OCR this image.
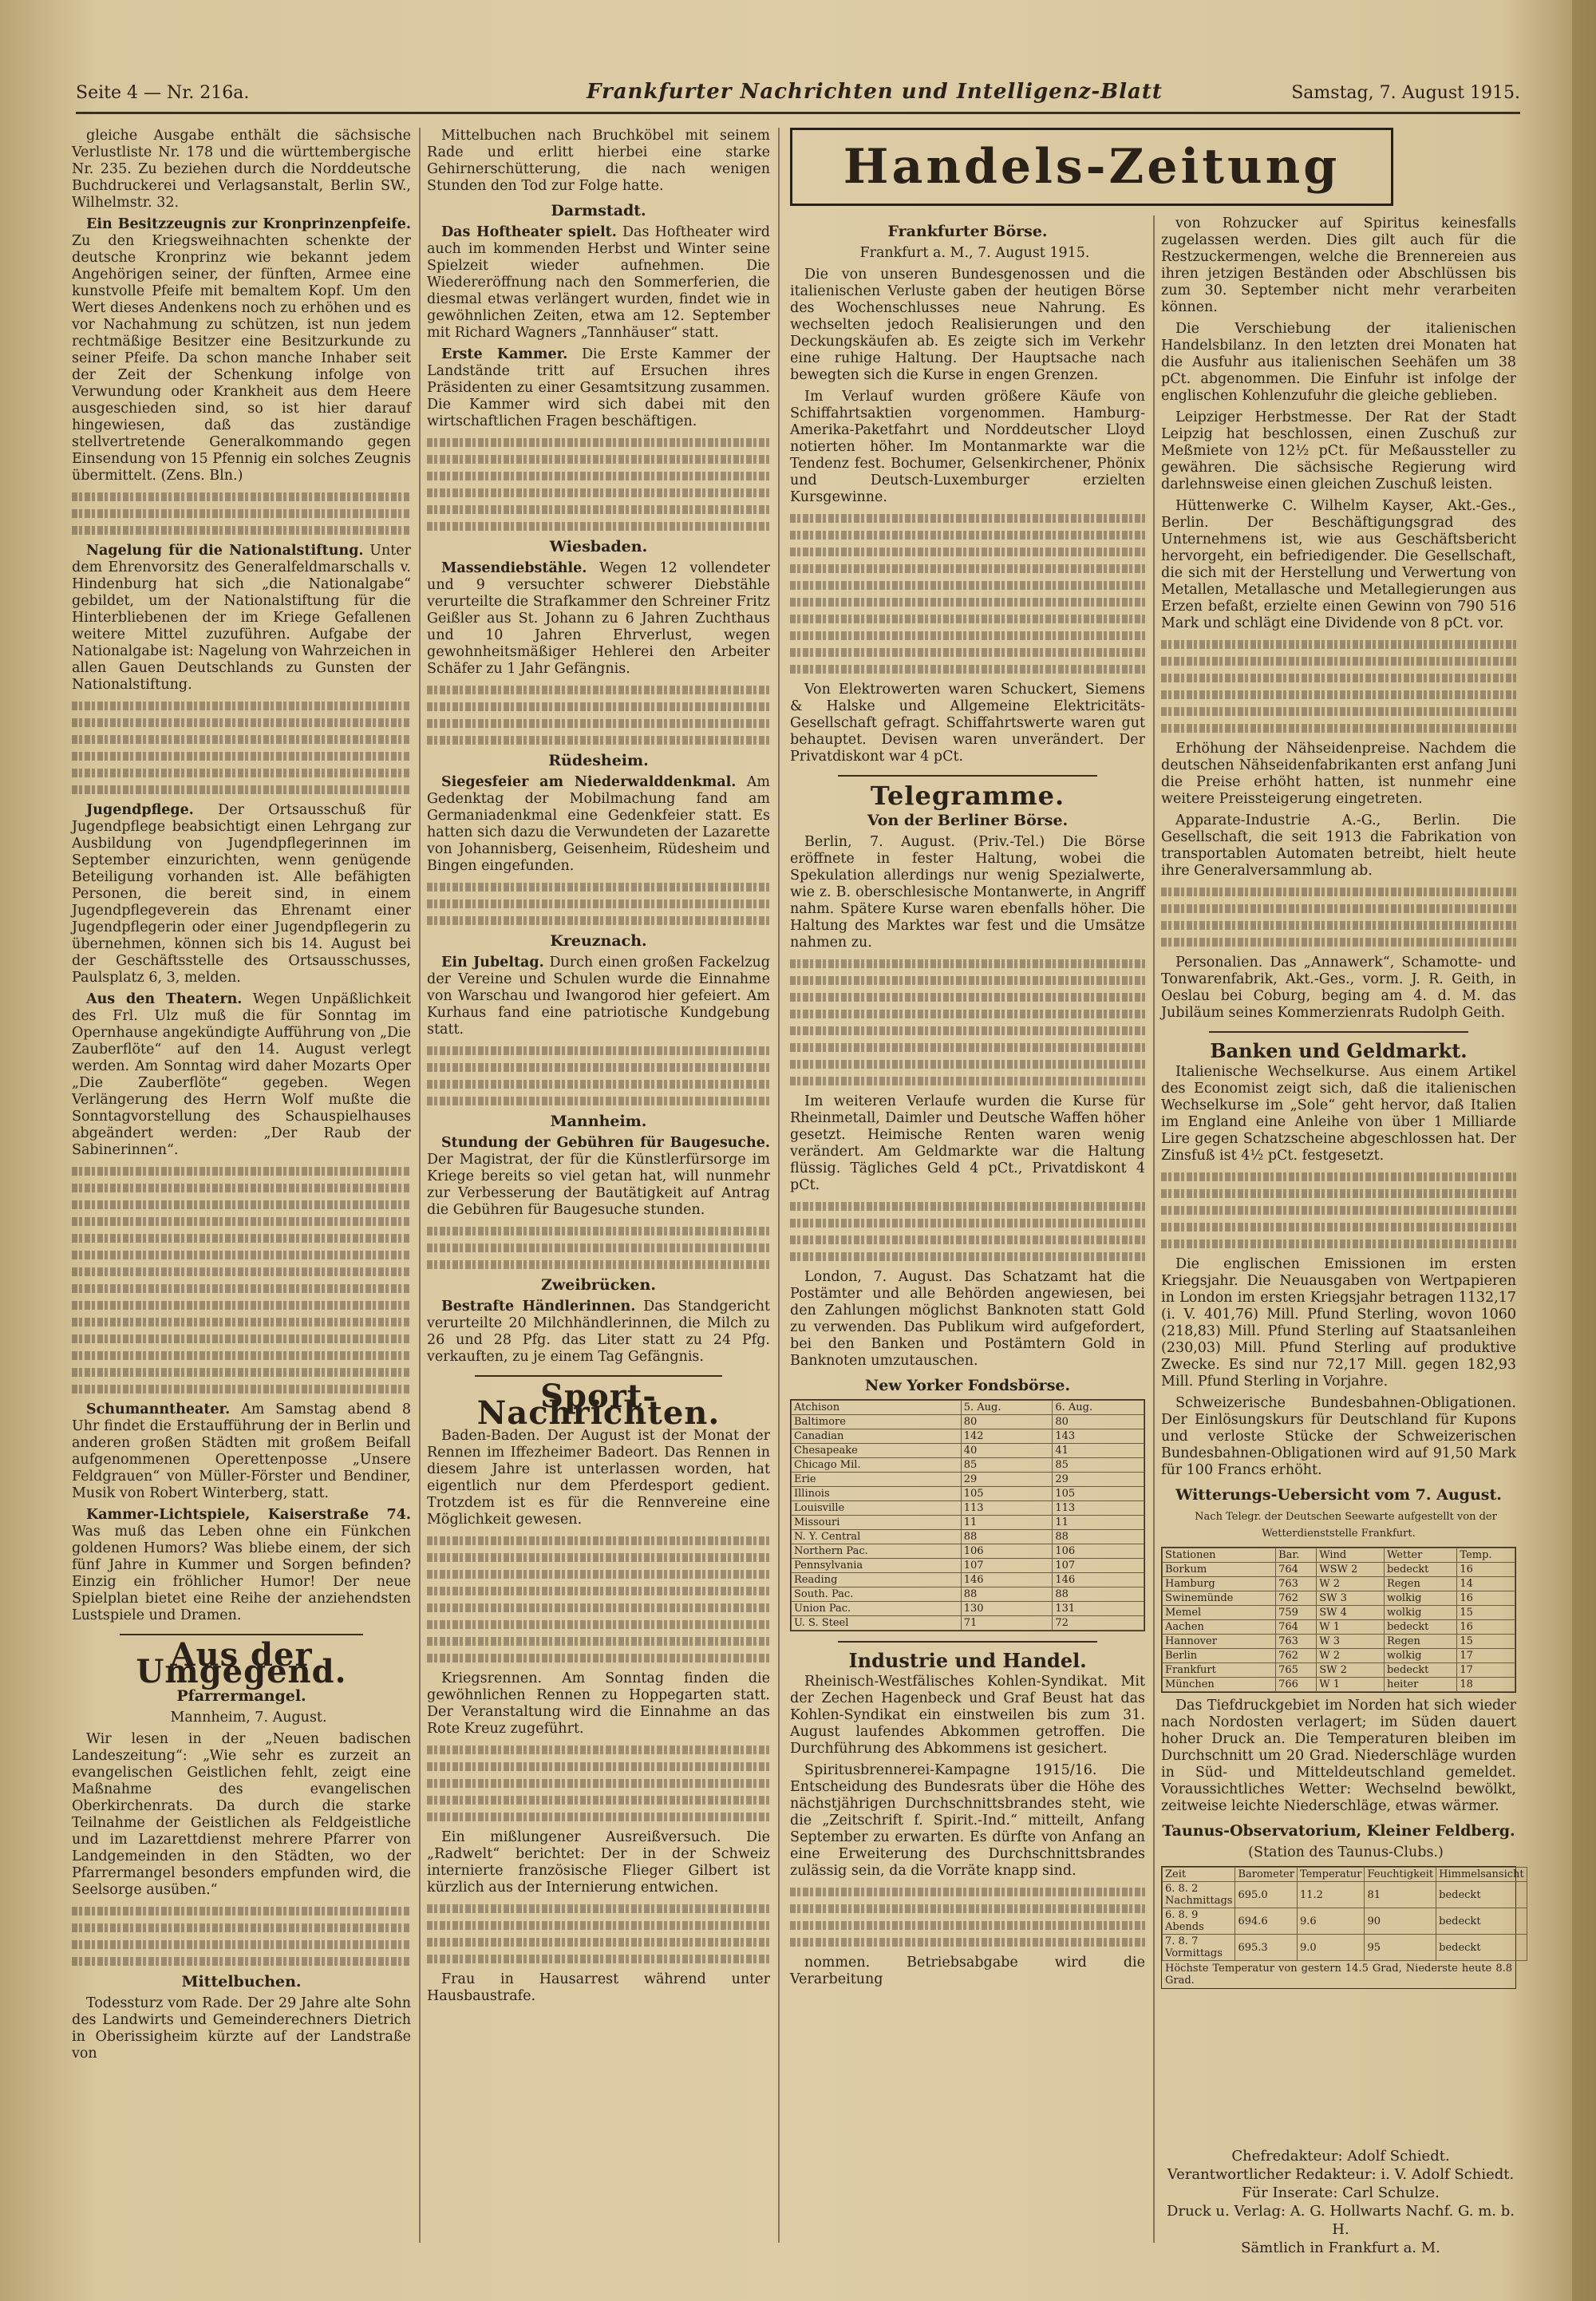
Seite 4 — Nr. 216a.	Frankfurter Nachrichten und Intelligenz-Blatt	Samstag, 7. August 1915.

gleiche Ausgabe enthält die sächsische Verlustliste Nr. 178 und die württembergische Nr. 235. Zu beziehen durch die Norddeutsche Buchdruckerei und Verlagsanstalt, Berlin SW., Wilhelmstr. 32.

Ein Besitzzeugnis zur Kronprinzenpfeife. Zu den Kriegsweihnachten schenkte der deutsche Kronprinz wie bekannt jedem Angehörigen seiner, der fünften, Armee eine kunstvolle Pfeife mit bemaltem Kopf. Um den Wert dieses Andenkens noch zu erhöhen und es vor Nachahmung zu schützen, ist nun jedem rechtmäßige Besitzer eine Besitzurkunde zu seiner Pfeife. Da schon manche Inhaber seit der Zeit der Schenkung infolge von Verwundung oder Krankheit aus dem Heere ausgeschieden sind, so ist hier darauf hingewiesen, daß das zuständige stellvertretende Generalkommando gegen Einsendung von 15 Pfennig ein solches Zeugnis übermittelt. (Zens. Bln.)

Nagelung für die Nationalstiftung. Unter dem Ehrenvorsitz des Generalfeldmarschalls v. Hindenburg hat sich „die Nationalgabe“ gebildet, um der Nationalstiftung für die Hinterbliebenen der im Kriege Gefallenen weitere Mittel zuzuführen. Aufgabe der Nationalgabe ist: Nagelung von Wahrzeichen in allen Gauen Deutschlands zu Gunsten der Nationalstiftung.

Jugendpflege. Der Ortsausschuß für Jugendpflege beabsichtigt einen Lehrgang zur Ausbildung von Jugendpflegerinnen im September einzurichten, wenn genügende Beteiligung vorhanden ist. Alle befähigten Personen, die bereit sind, in einem Jugendpflegeverein das Ehrenamt einer Jugendpflegerin oder einer Jugendpflegerin zu übernehmen, können sich bis 14. August bei der Geschäftsstelle des Ortsausschusses, Paulsplatz 6, 3, melden.

Aus den Theatern. Wegen Unpäßlichkeit des Frl. Ulz muß die für Sonntag im Opernhause angekündigte Aufführung von „Die Zauberflöte“ auf den 14. August verlegt werden. Am Sonntag wird daher Mozarts Oper „Die Zauberflöte“ gegeben. Wegen Verlängerung des Herrn Wolf mußte die Sonntagvorstellung des Schauspielhauses abgeändert werden: „Der Raub der Sabinerinnen“.

Schumanntheater. Am Samstag abend 8 Uhr findet die Erstaufführung der in Berlin und anderen großen Städten mit großem Beifall aufgenommenen Operettenposse „Unsere Feldgrauen“ von Müller-Förster und Bendiner, Musik von Robert Winterberg, statt.

Kammer-Lichtspiele, Kaiserstraße 74. Was muß das Leben ohne ein Fünkchen goldenen Humors? Was bliebe einem, der sich fünf Jahre in Kummer und Sorgen befinden? Einzig ein fröhlicher Humor! Der neue Spielplan bietet eine Reihe der anziehendsten Lustspiele und Dramen.

Aus der Umgegend.
Pfarrermangel.

Mannheim, 7. August.

Wir lesen in der „Neuen badischen Landeszeitung“: „Wie sehr es zurzeit an evangelischen Geistlichen fehlt, zeigt eine Maßnahme des evangelischen Oberkirchenrats. Da durch die starke Teilnahme der Geistlichen als Feldgeistliche und im Lazarettdienst mehrere Pfarrer von Landgemeinden in den Städten, wo der Pfarrermangel besonders empfunden wird, die Seelsorge ausüben.“

Mittelbuchen.

Todessturz vom Rade. Der 29 Jahre alte Sohn des Landwirts und Gemeinderechners Dietrich in Oberissigheim kürzte auf der Landstraße von

Mittelbuchen nach Bruchköbel mit seinem Rade und erlitt hierbei eine starke Gehirnerschütterung, die nach wenigen Stunden den Tod zur Folge hatte.

Darmstadt.

Das Hoftheater spielt. Das Hoftheater wird auch im kommenden Herbst und Winter seine Spielzeit wieder aufnehmen. Die Wiedereröffnung nach den Sommerferien, die diesmal etwas verlängert wurden, findet wie in gewöhnlichen Zeiten, etwa am 12. September mit Richard Wagners „Tannhäuser“ statt.

Erste Kammer. Die Erste Kammer der Landstände tritt auf Ersuchen ihres Präsidenten zu einer Gesamtsitzung zusammen. Die Kammer wird sich dabei mit den wirtschaftlichen Fragen beschäftigen.

Wiesbaden.

Massendiebstähle. Wegen 12 vollendeter und 9 versuchter schwerer Diebstähle verurteilte die Strafkammer den Schreiner Fritz Geißler aus St. Johann zu 6 Jahren Zuchthaus und 10 Jahren Ehrverlust, wegen gewohnheitsmäßiger Hehlerei den Arbeiter Schäfer zu 1 Jahr Gefängnis.

Rüdesheim.

Siegesfeier am Niederwalddenkmal. Am Gedenktag der Mobilmachung fand am Germaniadenkmal eine Gedenkfeier statt. Es hatten sich dazu die Verwundeten der Lazarette von Johannisberg, Geisenheim, Rüdesheim und Bingen eingefunden.

Kreuznach.

Ein Jubeltag. Durch einen großen Fackelzug der Vereine und Schulen wurde die Einnahme von Warschau und Iwangorod hier gefeiert. Am Kurhaus fand eine patriotische Kundgebung statt.

Mannheim.

Stundung der Gebühren für Baugesuche. Der Magistrat, der für die Künstlerfürsorge im Kriege bereits so viel getan hat, will nunmehr zur Verbesserung der Bautätigkeit auf Antrag die Gebühren für Baugesuche stunden.

Zweibrücken.

Bestrafte Händlerinnen. Das Standgericht verurteilte 20 Milchhändlerinnen, die Milch zu 26 und 28 Pfg. das Liter statt zu 24 Pfg. verkauften, zu je einem Tag Gefängnis.

Sport-Nachrichten.

Baden-Baden. Der August ist der Monat der Rennen im Iffezheimer Badeort. Das Rennen in diesem Jahre ist unterlassen worden, hat eigentlich nur dem Pferdesport gedient. Trotzdem ist es für die Rennvereine eine Möglichkeit gewesen.

Kriegsrennen. Am Sonntag finden die gewöhnlichen Rennen zu Hoppegarten statt. Der Veranstaltung wird die Einnahme an das Rote Kreuz zugeführt.

Ein mißlungener Ausreißversuch. Die „Radwelt“ berichtet: Der in der Schweiz internierte französische Flieger Gilbert ist kürzlich aus der Internierung entwichen.

Frau in Hausarrest während unter Hausbaustrafe.

Handels-Zeitung
Frankfurter Börse.

Frankfurt a. M., 7. August 1915.

Die von unseren Bundesgenossen und die italienischen Verluste gaben der heutigen Börse des Wochenschlusses neue Nahrung. Es wechselten jedoch Realisierungen und den Deckungskäufen ab. Es zeigte sich im Verkehr eine ruhige Haltung. Der Hauptsache nach bewegten sich die Kurse in engen Grenzen.

Im Verlauf wurden größere Käufe von Schiffahrtsaktien vorgenommen. Hamburg-Amerika-Paketfahrt und Norddeutscher Lloyd notierten höher. Im Montanmarkte war die Tendenz fest. Bochumer, Gelsenkirchener, Phönix und Deutsch-Luxemburger erzielten Kursgewinne.

Von Elektrowerten waren Schuckert, Siemens & Halske und Allgemeine Elektricitäts-Gesellschaft gefragt. Schiffahrtswerte waren gut behauptet. Devisen waren unverändert. Der Privatdiskont war 4 pCt.

Telegramme.
Von der Berliner Börse.

Berlin, 7. August. (Priv.-Tel.) Die Börse eröffnete in fester Haltung, wobei die Spekulation allerdings nur wenig Spezialwerte, wie z. B. oberschlesische Montanwerte, in Angriff nahm. Spätere Kurse waren ebenfalls höher. Die Haltung des Marktes war fest und die Umsätze nahmen zu.

Im weiteren Verlaufe wurden die Kurse für Rheinmetall, Daimler und Deutsche Waffen höher gesetzt. Heimische Renten waren wenig verändert. Am Geldmarkte war die Haltung flüssig. Tägliches Geld 4 pCt., Privatdiskont 4 pCt.

London, 7. August. Das Schatzamt hat die Postämter und alle Behörden angewiesen, bei den Zahlungen möglichst Banknoten statt Gold zu verwenden. Das Publikum wird aufgefordert, bei den Banken und Postämtern Gold in Banknoten umzutauschen.

New Yorker Fondsbörse.
Atchison	5. Aug.	6. Aug.
Baltimore	80	80
Canadian	142	143
Chesapeake	40	41
Chicago Mil.	85	85
Erie	29	29
Illinois	105	105
Louisville	113	113
Missouri	11	11
N. Y. Central	88	88
Northern Pac.	106	106
Pennsylvania	107	107
Reading	146	146
South. Pac.	88	88
Union Pac.	130	131
U. S. Steel	71	72
Industrie und Handel.

Rheinisch-Westfälisches Kohlen-Syndikat. Mit der Zechen Hagenbeck und Graf Beust hat das Kohlen-Syndikat ein einstweilen bis zum 31. August laufendes Abkommen getroffen. Die Durchführung des Abkommens ist gesichert.

Spiritusbrennerei-Kampagne 1915/16. Die Entscheidung des Bundesrats über die Höhe des nächstjährigen Durchschnittsbrandes steht, wie die „Zeitschrift f. Spirit.-Ind.“ mitteilt, Anfang September zu erwarten. Es dürfte von Anfang an eine Erweiterung des Durchschnittsbrandes zulässig sein, da die Vorräte knapp sind.

nommen. Betriebsabgabe wird die Verarbeitung

von Rohzucker auf Spiritus keinesfalls zugelassen werden. Dies gilt auch für die Restzuckermengen, welche die Brennereien aus ihren jetzigen Beständen oder Abschlüssen bis zum 30. September nicht mehr verarbeiten können.

Die Verschiebung der italienischen Handelsbilanz. In den letzten drei Monaten hat die Ausfuhr aus italienischen Seehäfen um 38 pCt. abgenommen. Die Einfuhr ist infolge der englischen Kohlenzufuhr die gleiche geblieben.

Leipziger Herbstmesse. Der Rat der Stadt Leipzig hat beschlossen, einen Zuschuß zur Meßmiete von 12½ pCt. für Meßaussteller zu gewähren. Die sächsische Regierung wird darlehnsweise einen gleichen Zuschuß leisten.

Hüttenwerke C. Wilhelm Kayser, Akt.-Ges., Berlin. Der Beschäftigungsgrad des Unternehmens ist, wie aus Geschäftsbericht hervorgeht, ein befriedigender. Die Gesellschaft, die sich mit der Herstellung und Verwertung von Metallen, Metallasche und Metallegierungen aus Erzen befaßt, erzielte einen Gewinn von 790 516 Mark und schlägt eine Dividende von 8 pCt. vor.

Erhöhung der Nähseidenpreise. Nachdem die deutschen Nähseidenfabrikanten erst anfang Juni die Preise erhöht hatten, ist nunmehr eine weitere Preissteigerung eingetreten.

Apparate-Industrie A.-G., Berlin. Die Gesellschaft, die seit 1913 die Fabrikation von transportablen Automaten betreibt, hielt heute ihre Generalversammlung ab.

Personalien. Das „Annawerk“, Schamotte- und Tonwarenfabrik, Akt.-Ges., vorm. J. R. Geith, in Oeslau bei Coburg, beging am 4. d. M. das Jubiläum seines Kommerzienrats Rudolph Geith.

Banken und Geldmarkt.

Italienische Wechselkurse. Aus einem Artikel des Economist zeigt sich, daß die italienischen Wechselkurse im „Sole“ geht hervor, daß Italien im England eine Anleihe von über 1 Milliarde Lire gegen Schatzscheine abgeschlossen hat. Der Zinsfuß ist 4½ pCt. festgesetzt.

Die englischen Emissionen im ersten Kriegsjahr. Die Neuausgaben von Wertpapieren in London im ersten Kriegsjahr betragen 1132,17 (i. V. 401,76) Mill. Pfund Sterling, wovon 1060 (218,83) Mill. Pfund Sterling auf Staatsanleihen (230,03) Mill. Pfund Sterling auf produktive Zwecke. Es sind nur 72,17 Mill. gegen 182,93 Mill. Pfund Sterling in Vorjahre.

Schweizerische Bundesbahnen-Obligationen. Der Einlösungskurs für Deutschland für Kupons und verloste Stücke der Schweizerischen Bundesbahnen-Obligationen wird auf 91,50 Mark für 100 Francs erhöht.

Witterungs-Uebersicht vom 7. August.

Nach Telegr. der Deutschen Seewarte aufgestellt von der Wetterdienststelle Frankfurt.

Stationen	Bar.	Wind	Wetter	Temp.
Borkum	764	WSW 2	bedeckt	16
Hamburg	763	W 2	Regen	14
Swinemünde	762	SW 3	wolkig	16
Memel	759	SW 4	wolkig	15
Aachen	764	W 1	bedeckt	16
Hannover	763	W 3	Regen	15
Berlin	762	W 2	wolkig	17
Frankfurt	765	SW 2	bedeckt	17
München	766	W 1	heiter	18

Das Tiefdruckgebiet im Norden hat sich wieder nach Nordosten verlagert; im Süden dauert hoher Druck an. Die Temperaturen bleiben im Durchschnitt um 20 Grad. Niederschläge wurden in Süd- und Mitteldeutschland gemeldet. Voraussichtliches Wetter: Wechselnd bewölkt, zeitweise leichte Niederschläge, etwas wärmer.

Taunus-Observatorium, Kleiner Feldberg.

(Station des Taunus-Clubs.)

Zeit	Barometer	Temperatur	Feuchtigkeit	Himmelsansicht
6. 8. 2 Nachmittags	695.0	11.2	81	bedeckt
6. 8. 9 Abends	694.6	9.6	90	bedeckt
7. 8. 7 Vormittags	695.3	9.0	95	bedeckt
Höchste Temperatur von gestern 14.5 Grad, Niederste heute 8.8 Grad.
Chefredakteur: Adolf Schiedt.
Verantwortlicher Redakteur: i. V. Adolf Schiedt.
Für Inserate: Carl Schulze.
Druck u. Verlag: A. G. Hollwarts Nachf. G. m. b. H.
Sämtlich in Frankfurt a. M.
